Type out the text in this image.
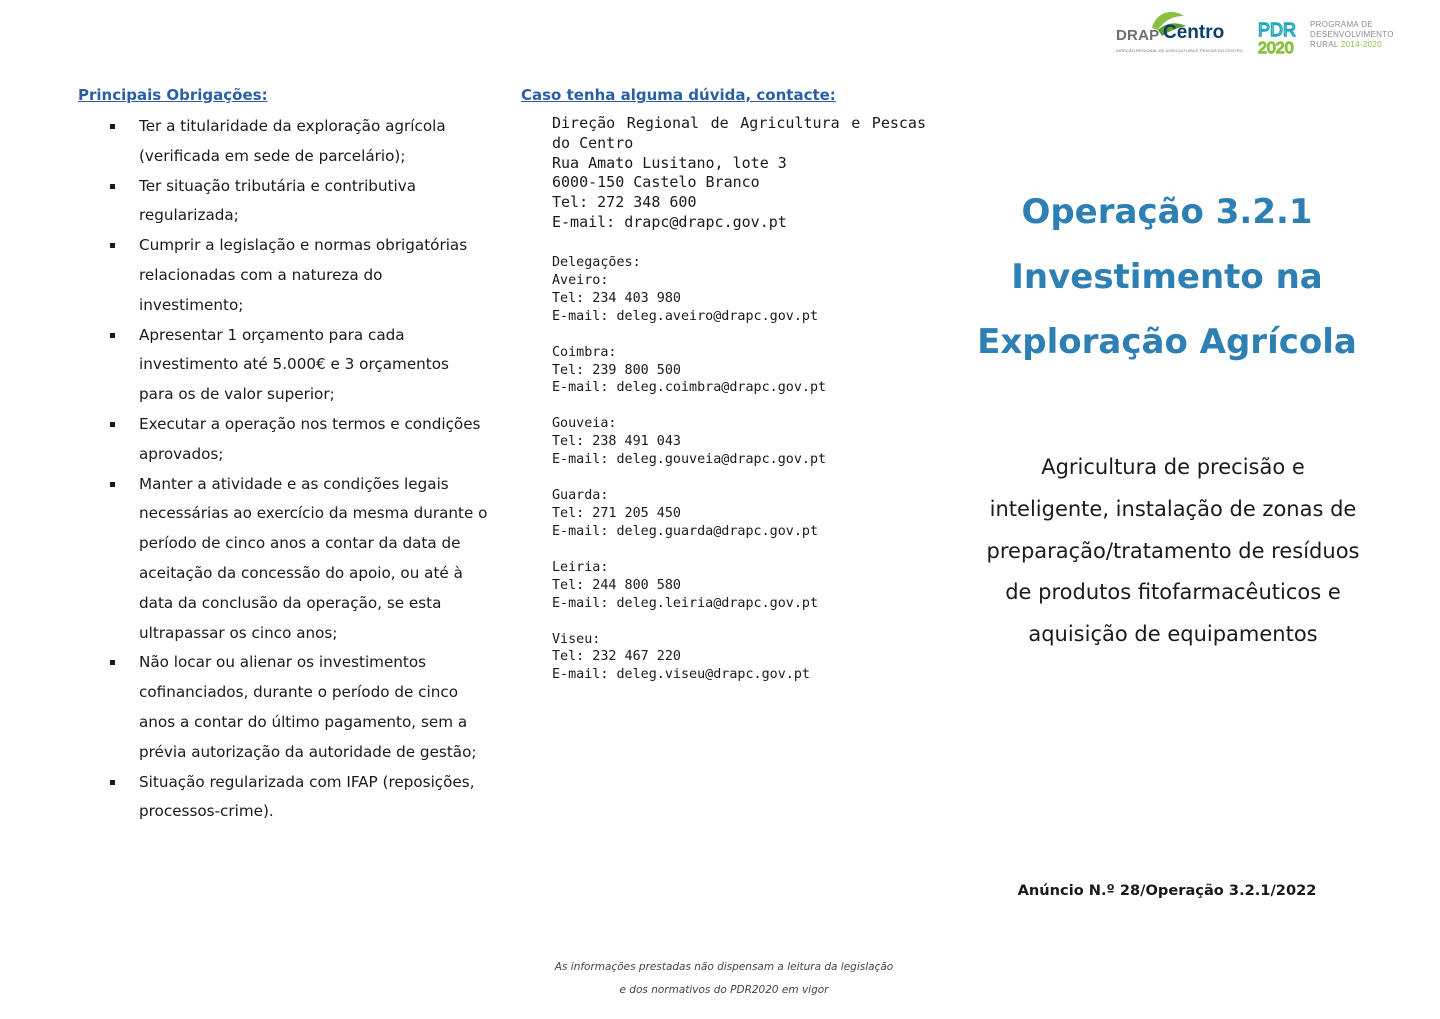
DRAP Centro
DIREÇÃO REGIONAL DE AGRICULTURA E PESCAS DO CENTRO
PDR
2020
PROGRAMA DE
DESENVOLVIMENTO
RURAL 2014-2020
Principais Obrigações:
Ter a titularidade da exploração agrícola (verificada em sede de parcelário);
Ter situação tributária e contributiva regularizada;
Cumprir a legislação e normas obrigatórias relacionadas com a natureza do investimento;
Apresentar 1 orçamento para cada investimento até 5.000€ e 3 orçamentos para os de valor superior;
Executar a operação nos termos e condições aprovados;
Manter a atividade e as condições legais necessárias ao exercício da mesma durante o período de cinco anos a contar da data de aceitação da concessão do apoio, ou até à data da conclusão da operação, se esta ultrapassar os cinco anos;
Não locar ou alienar os investimentos cofinanciados, durante o período de cinco anos a contar do último pagamento, sem a prévia autorização da autoridade de gestão;
Situação regularizada com IFAP (reposições, processos-crime).
Caso tenha alguma dúvida, contacte:
Direção Regional de Agricultura e Pescas do Centro
Rua Amato Lusitano, lote 3
6000-150 Castelo Branco
Tel: 272 348 600
E-mail: drapc@drapc.gov.pt
Delegações:
Aveiro:
Tel: 234 403 980
E-mail: deleg.aveiro@drapc.gov.pt
Coimbra:
Tel: 239 800 500
E-mail: deleg.coimbra@drapc.gov.pt
Gouveia:
Tel: 238 491 043
E-mail: deleg.gouveia@drapc.gov.pt
Guarda:
Tel: 271 205 450
E-mail: deleg.guarda@drapc.gov.pt
Leiria:
Tel: 244 800 580
E-mail: deleg.leiria@drapc.gov.pt
Viseu:
Tel: 232 467 220
E-mail: deleg.viseu@drapc.gov.pt
Operação 3.2.1
Investimento na
Exploração Agrícola
Agricultura de precisão e
inteligente, instalação de zonas de
preparação/tratamento de resíduos
de produtos fitofarmacêuticos e
aquisição de equipamentos
Anúncio N.º 28/Operação 3.2.1/2022
As informações prestadas não dispensam a leitura da legislação
e dos normativos do PDR2020 em vigor
